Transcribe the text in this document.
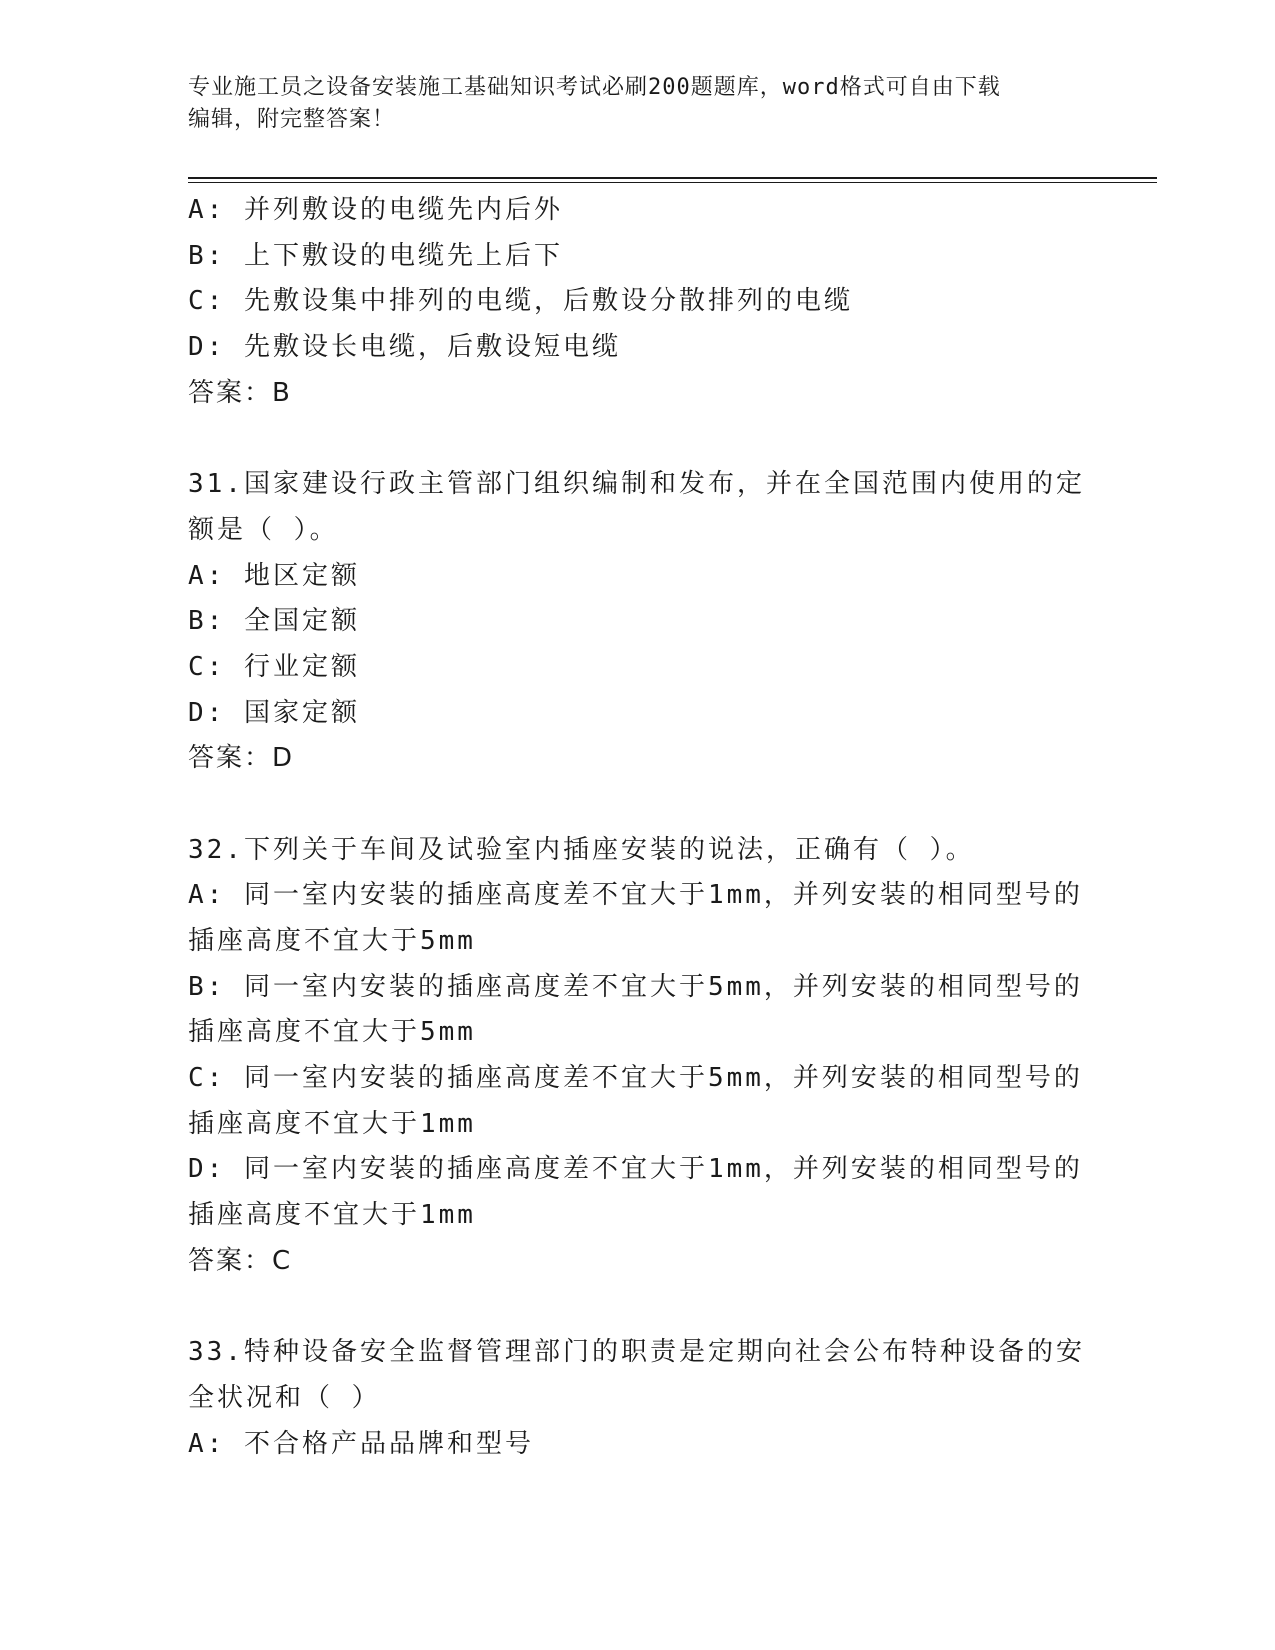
专业施工员之设备安装施工基础知识考试必刷200题题库，word格式可自由下载
编辑，附完整答案！
A: 并列敷设的电缆先内后外
B: 上下敷设的电缆先上后下
C: 先敷设集中排列的电缆，后敷设分散排列的电缆
D: 先敷设长电缆，后敷设短电缆
答案：B
31.国家建设行政主管部门组织编制和发布，并在全国范围内使用的定
额是（ ）。
A: 地区定额
B: 全国定额
C: 行业定额
D: 国家定额
答案：D
32.下列关于车间及试验室内插座安装的说法，正确有（ ）。
A: 同一室内安装的插座高度差不宜大于1mm，并列安装的相同型号的
插座高度不宜大于5mm
B: 同一室内安装的插座高度差不宜大于5mm，并列安装的相同型号的
插座高度不宜大于5mm
C: 同一室内安装的插座高度差不宜大于5mm，并列安装的相同型号的
插座高度不宜大于1mm
D: 同一室内安装的插座高度差不宜大于1mm，并列安装的相同型号的
插座高度不宜大于1mm
答案：C
33.特种设备安全监督管理部门的职责是定期向社会公布特种设备的安
全状况和（ ）
A: 不合格产品品牌和型号
